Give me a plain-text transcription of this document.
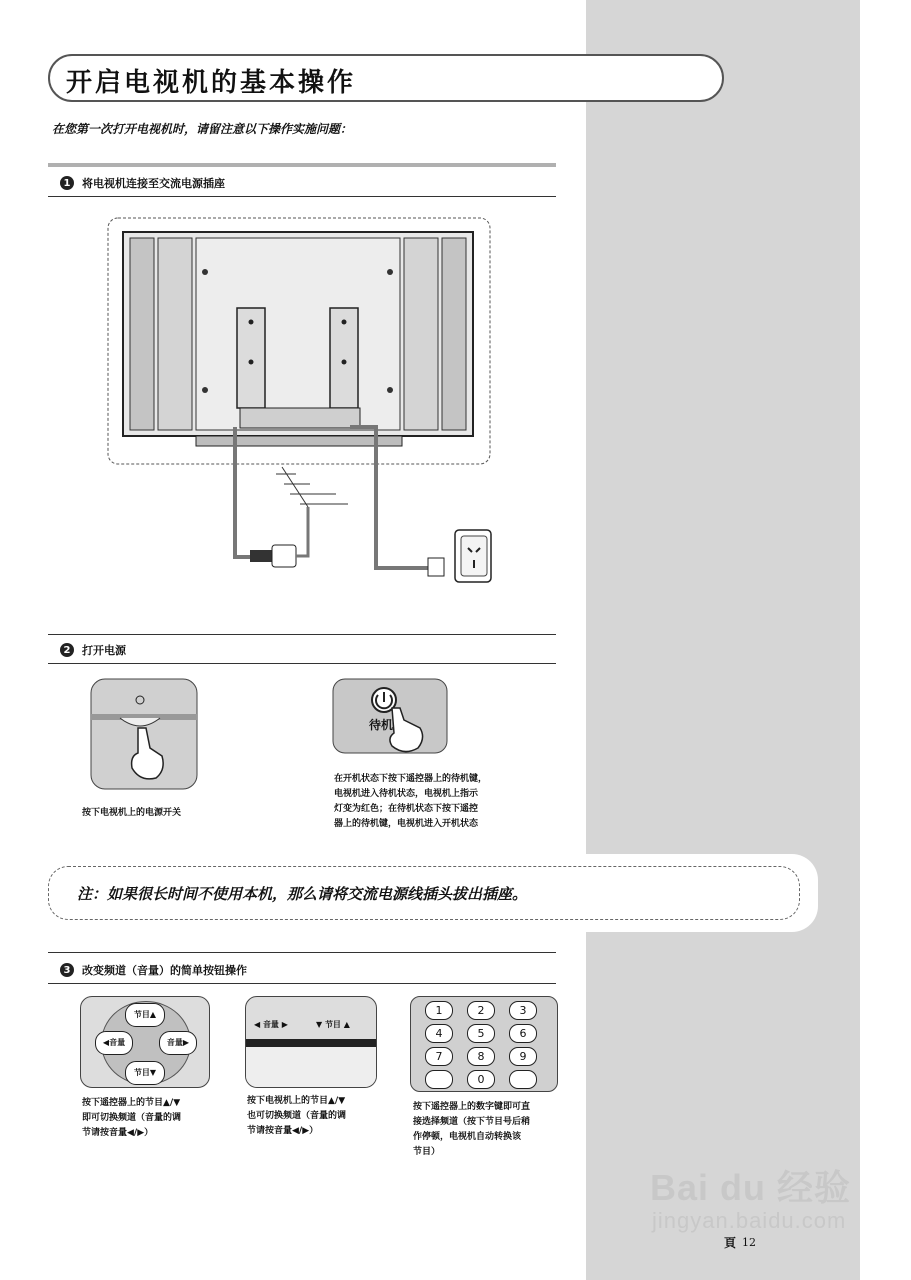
开启电视机的基本操作
在您第一次打开电视机时，请留注意以下操作实施问题：
1	将电视机连接至交流电源插座
2	打开电源
按下电视机上的电源开关
待机
在开机状态下按下遥控器上的待机键，
电视机进入待机状态，电视机上指示
灯变为红色；在待机状态下按下遥控
器上的待机键，电视机进入开机状态
注：如果很长时间不使用本机，那么请将交流电源线插头拔出插座。
3	改变频道（音量）的简单按钮操作
节目▲
节目▼
◀音量	音量▶
按下遥控器上的节目▲/▼
即可切换频道（音量的调
节请按音量◀/▶）
◀ 音量 ▶	▼ 节目 ▲
按下电视机上的节目▲/▼
也可切换频道（音量的调
节请按音量◀/▶）
1	2	3
4	5	6
7	8	9
0
按下遥控器上的数字键即可直
接选择频道（按下节目号后稍
作停顿，电视机自动转换该
节目）
Bai du 经验
jingyan.baidu.com
頁 12
